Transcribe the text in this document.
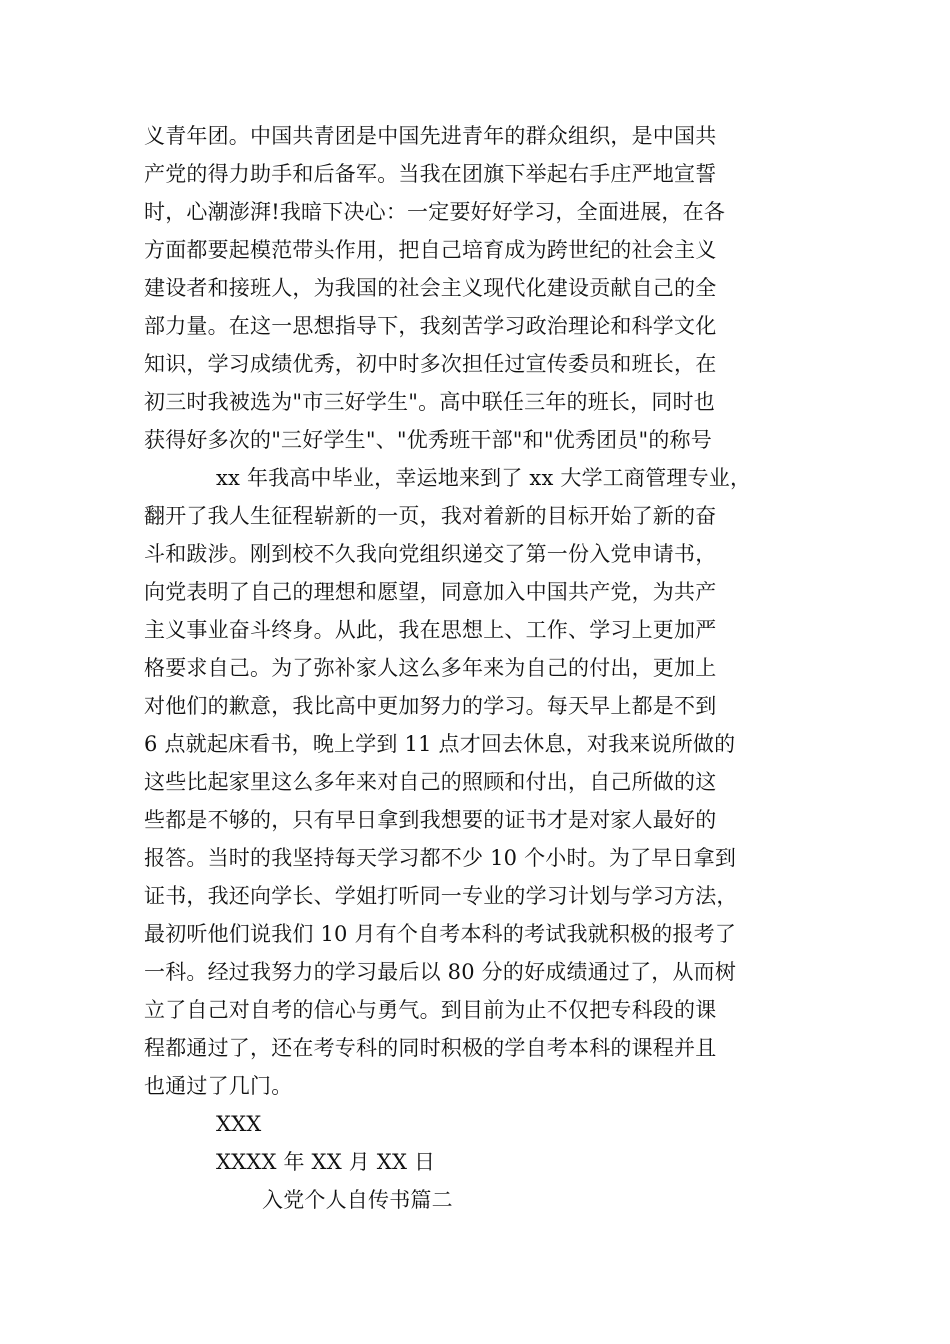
义青年团。中国共青团是中国先进青年的群众组织，是中国共
产党的得力助手和后备军。当我在团旗下举起右手庄严地宣誓
时，心潮澎湃!我暗下决心：一定要好好学习，全面进展，在各
方面都要起模范带头作用，把自己培育成为跨世纪的社会主义
建设者和接班人，为我国的社会主义现代化建设贡献自己的全
部力量。在这一思想指导下，我刻苦学习政治理论和科学文化
知识，学习成绩优秀，初中时多次担任过宣传委员和班长，在
初三时我被选为"市三好学生"。高中联任三年的班长，同时也
获得好多次的"三好学生"、"优秀班干部"和"优秀团员"的称号
xx 年我高中毕业，幸运地来到了 xx 大学工商管理专业，
翻开了我人生征程崭新的一页，我对着新的目标开始了新的奋
斗和跋涉。刚到校不久我向党组织递交了第一份入党申请书，
向党表明了自己的理想和愿望，同意加入中国共产党，为共产
主义事业奋斗终身。从此，我在思想上、工作、学习上更加严
格要求自己。为了弥补家人这么多年来为自己的付出，更加上
对他们的歉意，我比高中更加努力的学习。每天早上都是不到
6 点就起床看书，晚上学到 11 点才回去休息，对我来说所做的
这些比起家里这么多年来对自己的照顾和付出，自己所做的这
些都是不够的，只有早日拿到我想要的证书才是对家人最好的
报答。当时的我坚持每天学习都不少 10 个小时。为了早日拿到
证书，我还向学长、学姐打听同一专业的学习计划与学习方法，
最初听他们说我们 10 月有个自考本科的考试我就积极的报考了
一科。经过我努力的学习最后以 80 分的好成绩通过了，从而树
立了自己对自考的信心与勇气。到目前为止不仅把专科段的课
程都通过了，还在考专科的同时积极的学自考本科的课程并且
也通过了几门。
XXX
XXXX 年 XX 月 XX 日
入党个人自传书篇二
